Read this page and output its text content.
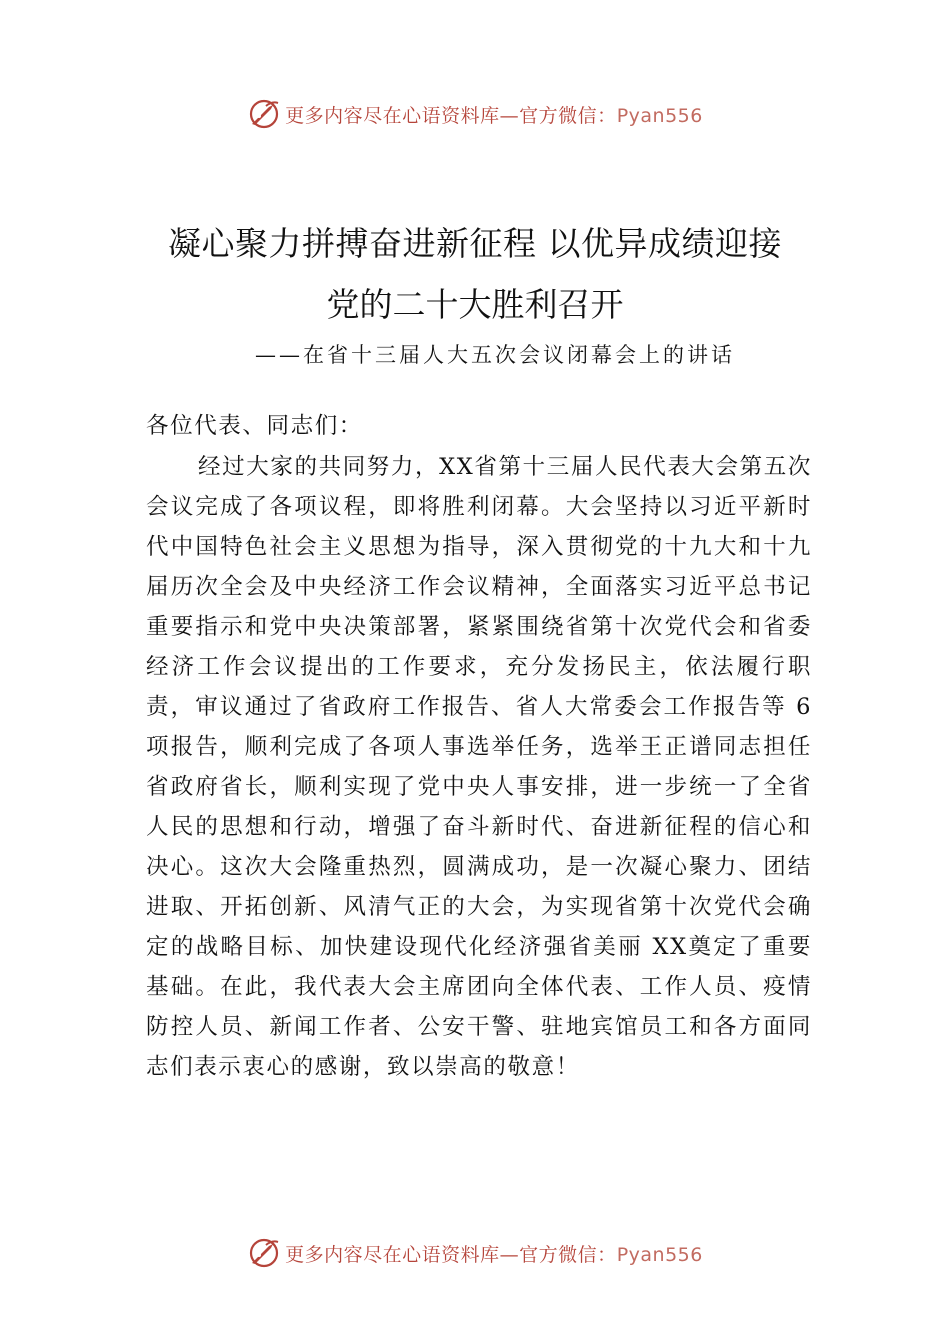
更多内容尽在心语资料库—官方微信：Pyan556
凝心聚力拼搏奋进新征程 以优异成绩迎接
党的二十大胜利召开
——在省十三届人大五次会议闭幕会上的讲话
各位代表、同志们：
经过大家的共同努力，XX省第十三届人民代表大会第五次会议完成了各项议程，即将胜利闭幕。大会坚持以习近平新时代中国特色社会主义思想为指导，深入贯彻党的十九大和十九届历次全会及中央经济工作会议精神，全面落实习近平总书记重要指示和党中央决策部署，紧紧围绕省第十次党代会和省委经济工作会议提出的工作要求，充分发扬民主，依法履行职责，审议通过了省政府工作报告、省人大常委会工作报告等 6项报告，顺利完成了各项人事选举任务，选举王正谱同志担任省政府省长，顺利实现了党中央人事安排，进一步统一了全省人民的思想和行动，增强了奋斗新时代、奋进新征程的信心和决心。这次大会隆重热烈，圆满成功，是一次凝心聚力、团结进取、开拓创新、风清气正的大会，为实现省第十次党代会确定的战略目标、加快建设现代化经济强省美丽 XX奠定了重要基础。在此，我代表大会主席团向全体代表、工作人员、疫情防控人员、新闻工作者、公安干警、驻地宾馆员工和各方面同志们表示衷心的感谢，致以崇高的敬意！
更多内容尽在心语资料库—官方微信：Pyan556
